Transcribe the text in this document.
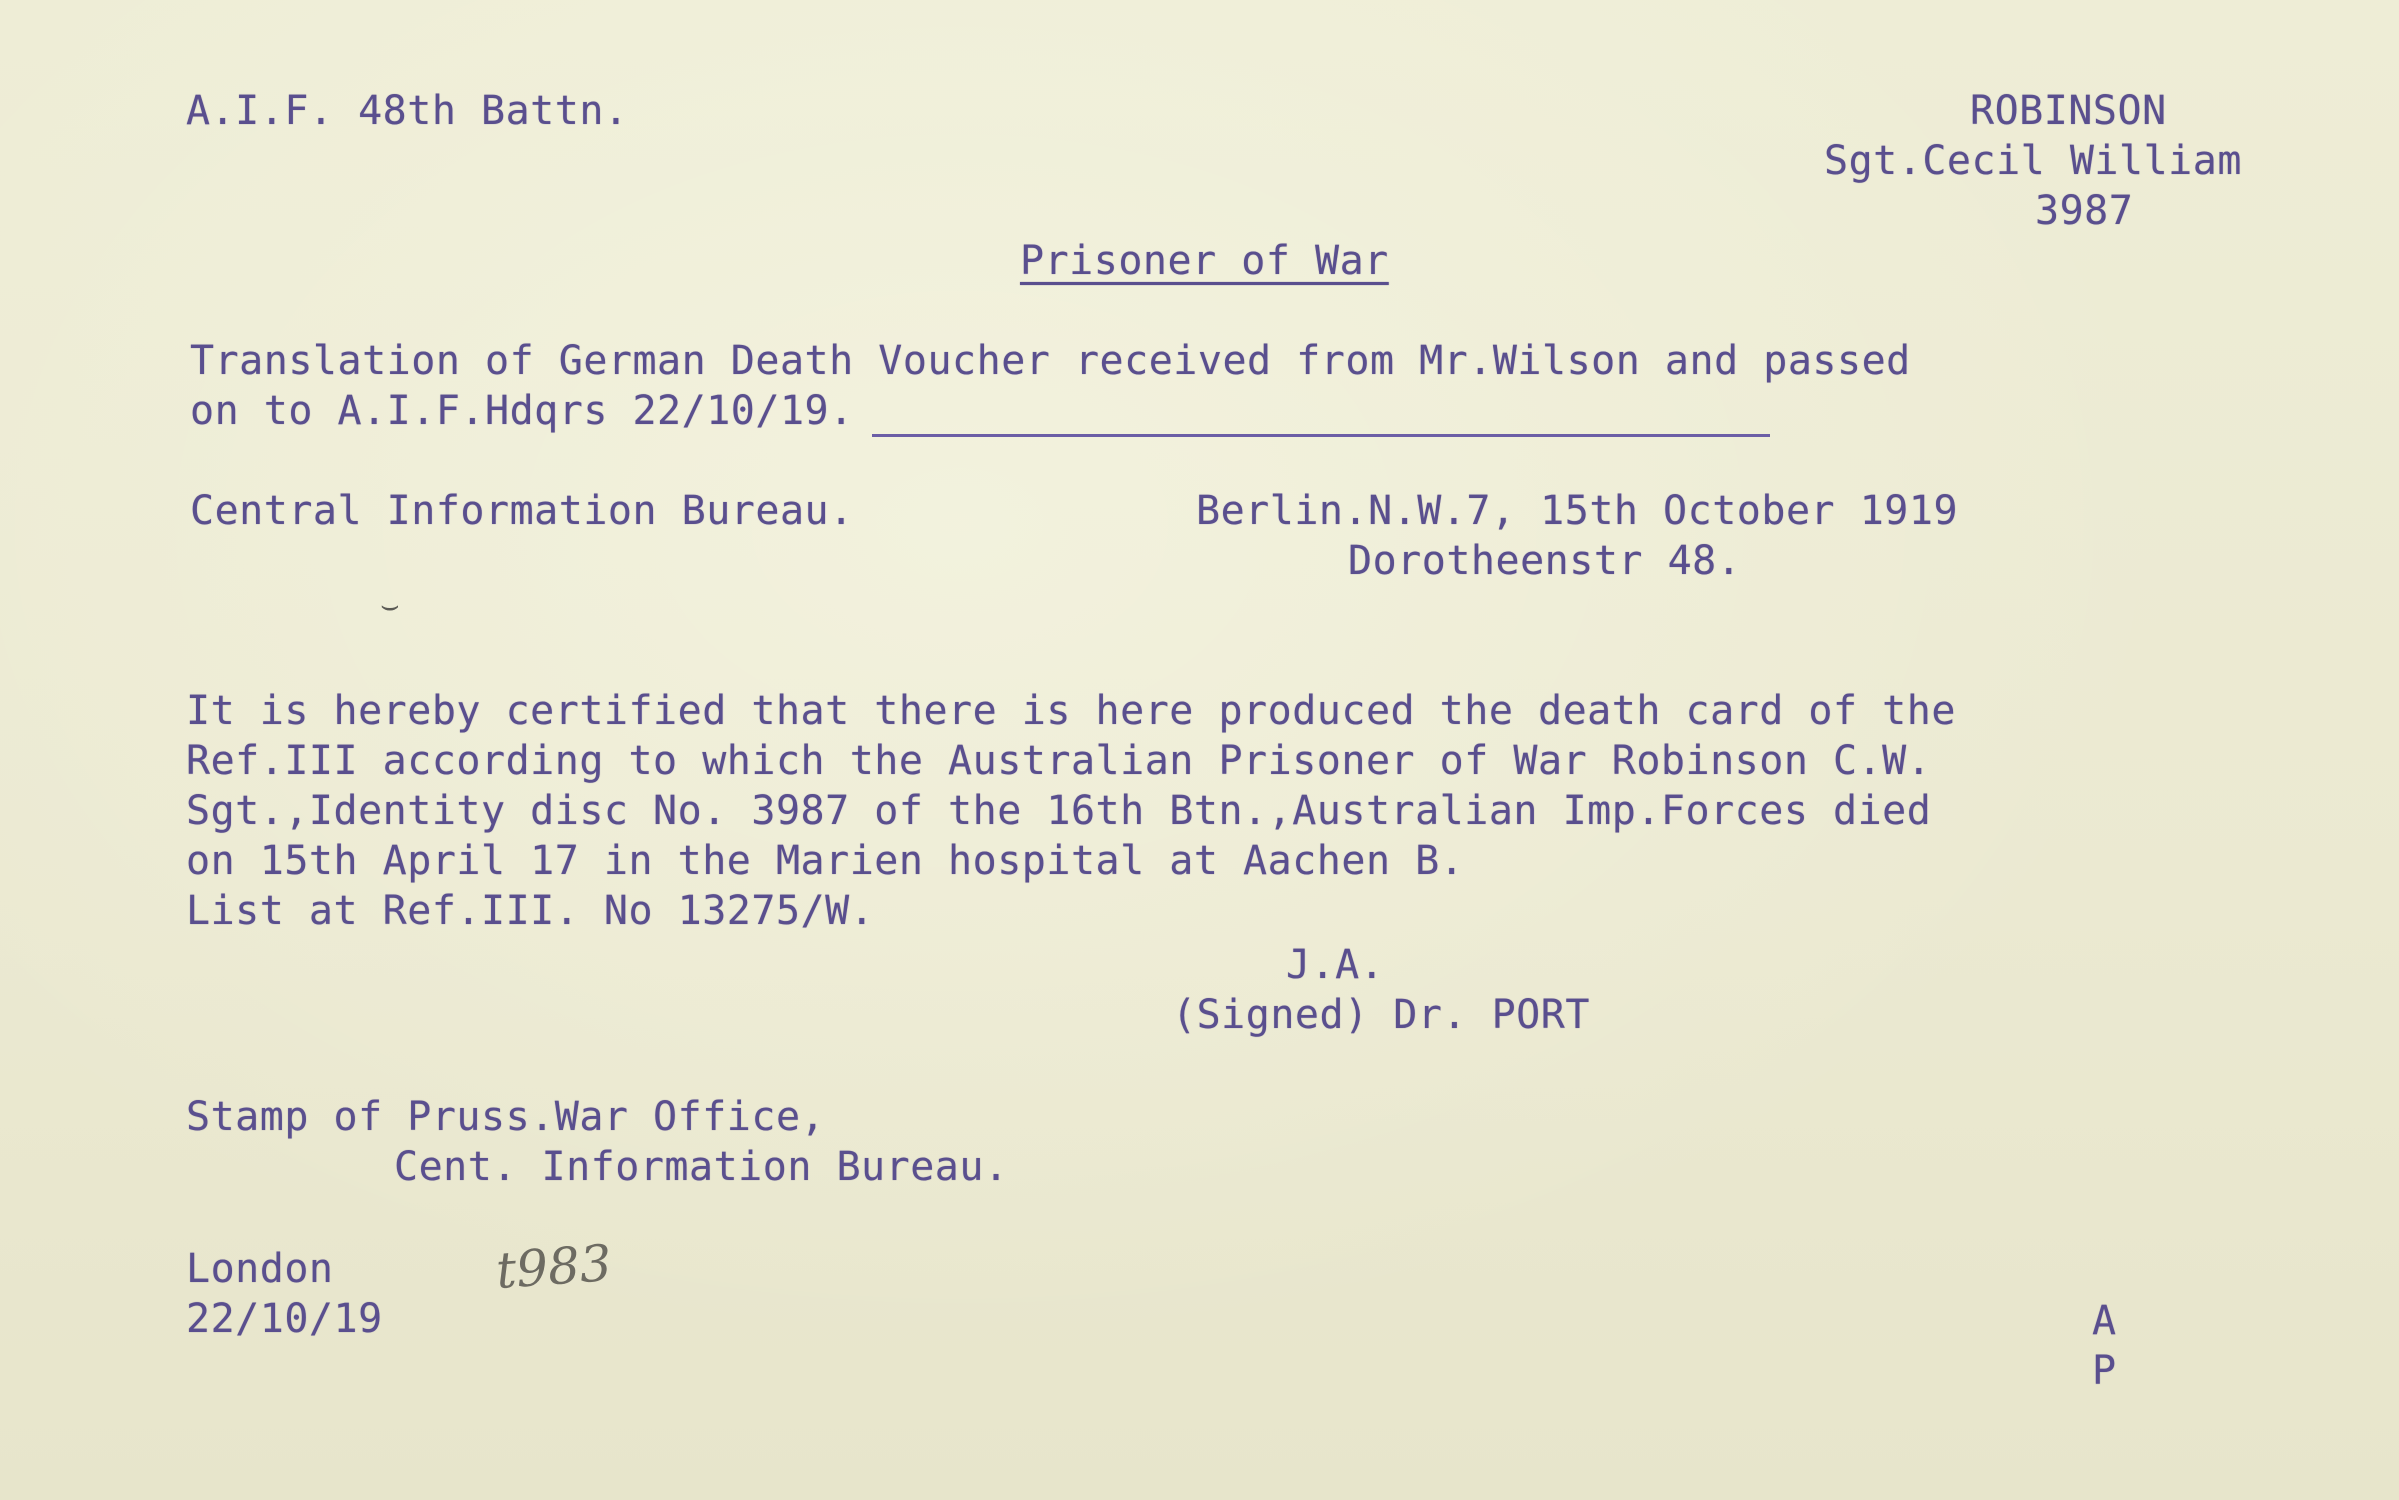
A.I.F. 48th Battn.	ROBINSON
Sgt.Cecil William
3987
Prisoner of War
Translation of German Death Voucher received from Mr.Wilson and passed
on to A.I.F.Hdqrs 22/10/19.
Central Information Bureau.	Berlin.N.W.7, 15th October 1919
Dorotheenstr 48.
⌣
It is hereby certified that there is here produced the death card of the
Ref.III according to which the Australian Prisoner of War Robinson C.W.
Sgt.,Identity disc No. 3987 of the 16th Btn.,Australian Imp.Forces died
on 15th April 17 in the Marien hospital at Aachen B.
List at Ref.III. No 13275/W.
J.A.
(Signed) Dr. PORT
Stamp of Pruss.War Office,
Cent. Information Bureau.
London
22/10/19
t983
A
P
